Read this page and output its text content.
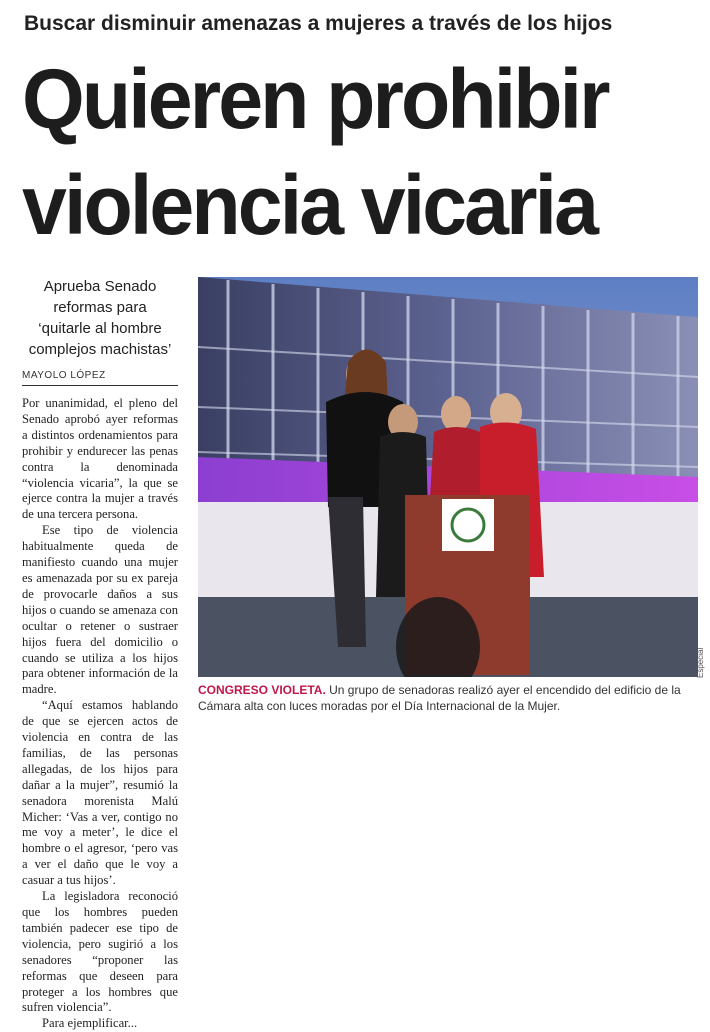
Buscar disminuir amenazas a mujeres a través de los hijos
Quieren prohibir
violencia vicaria

Aprueba Senado
reformas para
‘quitarle al hombre
complejos machistas’

MAYOLO LÓPEZ

Por unanimidad, el pleno del Senado aprobó ayer reformas a distintos ordenamientos para prohibir y endurecer las penas contra la denominada “violencia vicaria”, la que se ejerce contra la mujer a través de una tercera persona.

Ese tipo de violencia habitualmente queda de manifiesto cuando una mujer es amenazada por su ex pareja de provocarle daños a sus hijos o cuando se amenaza con ocultar o retener o sustraer hijos fuera del domicilio o cuando se utiliza a los hijos para obtener información de la madre.

“Aquí estamos hablando de que se ejercen actos de violencia en contra de las familias, de las personas allegadas, de los hijos para dañar a la mujer”, resumió la senadora morenista Malú Micher: ‘Vas a ver, contigo no me voy a meter’, le dice el hombre o el agresor, ‘pero vas a ver el daño que le voy a casuar a tus hijos’.

La legisladora reconoció que los hombres pueden también padecer ese tipo de violencia, pero sugirió a los senadores “proponer las reformas que deseen para proteger a los hombres que sufren violencia”.

Para ejemplificar...

Especial
CONGRESO VIOLETA. Un grupo de senadoras realizó ayer el encendido del edificio de la Cámara alta con luces moradas por el Día Internacional de la Mujer.
